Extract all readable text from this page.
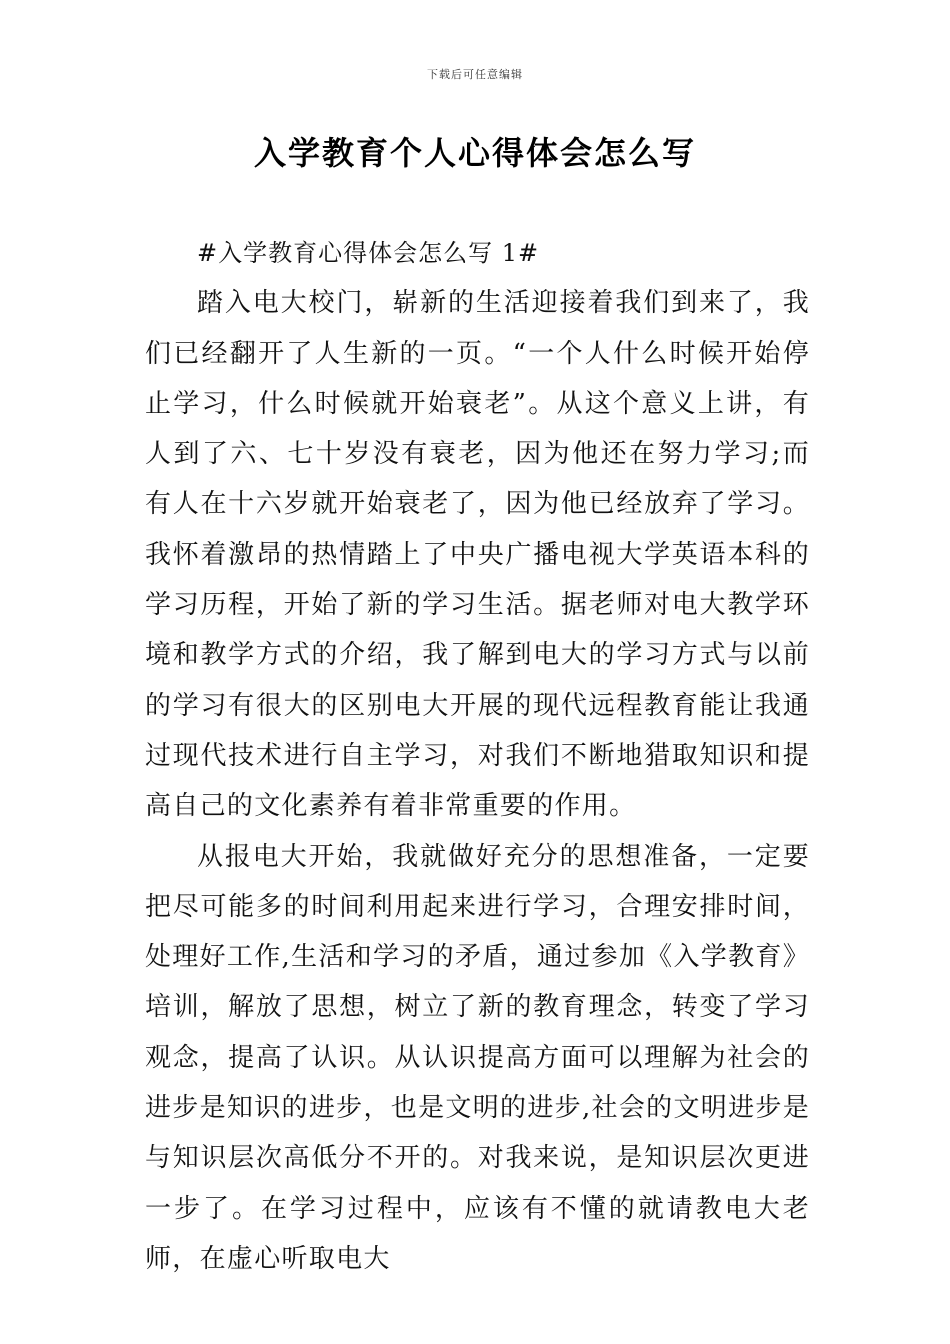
下载后可任意编辑
入学教育个人心得体会怎么写

#入学教育心得体会怎么写 1#

踏入电大校门，崭新的生活迎接着我们到来了，我们已经翻开了人生新的一页。“一个人什么时候开始停止学习，什么时候就开始衰老”。从这个意义上讲，有人到了六、七十岁没有衰老，因为他还在努力学习;而有人在十六岁就开始衰老了，因为他已经放弃了学习。我怀着激昂的热情踏上了中央广播电视大学英语本科的学习历程，开始了新的学习生活。据老师对电大教学环境和教学方式的介绍，我了解到电大的学习方式与以前的学习有很大的区别电大开展的现代远程教育能让我通过现代技术进行自主学习，对我们不断地猎取知识和提高自己的文化素养有着非常重要的作用。

从报电大开始，我就做好充分的思想准备，一定要把尽可能多的时间利用起来进行学习，合理安排时间，处理好工作,生活和学习的矛盾，通过参加《入学教育》培训，解放了思想，树立了新的教育理念，转变了学习观念，提高了认识。从认识提高方面可以理解为社会的进步是知识的进步，也是文明的进步,社会的文明进步是与知识层次高低分不开的。对我来说，是知识层次更进一步了。在学习过程中，应该有不懂的就请教电大老师，在虚心听取电大
